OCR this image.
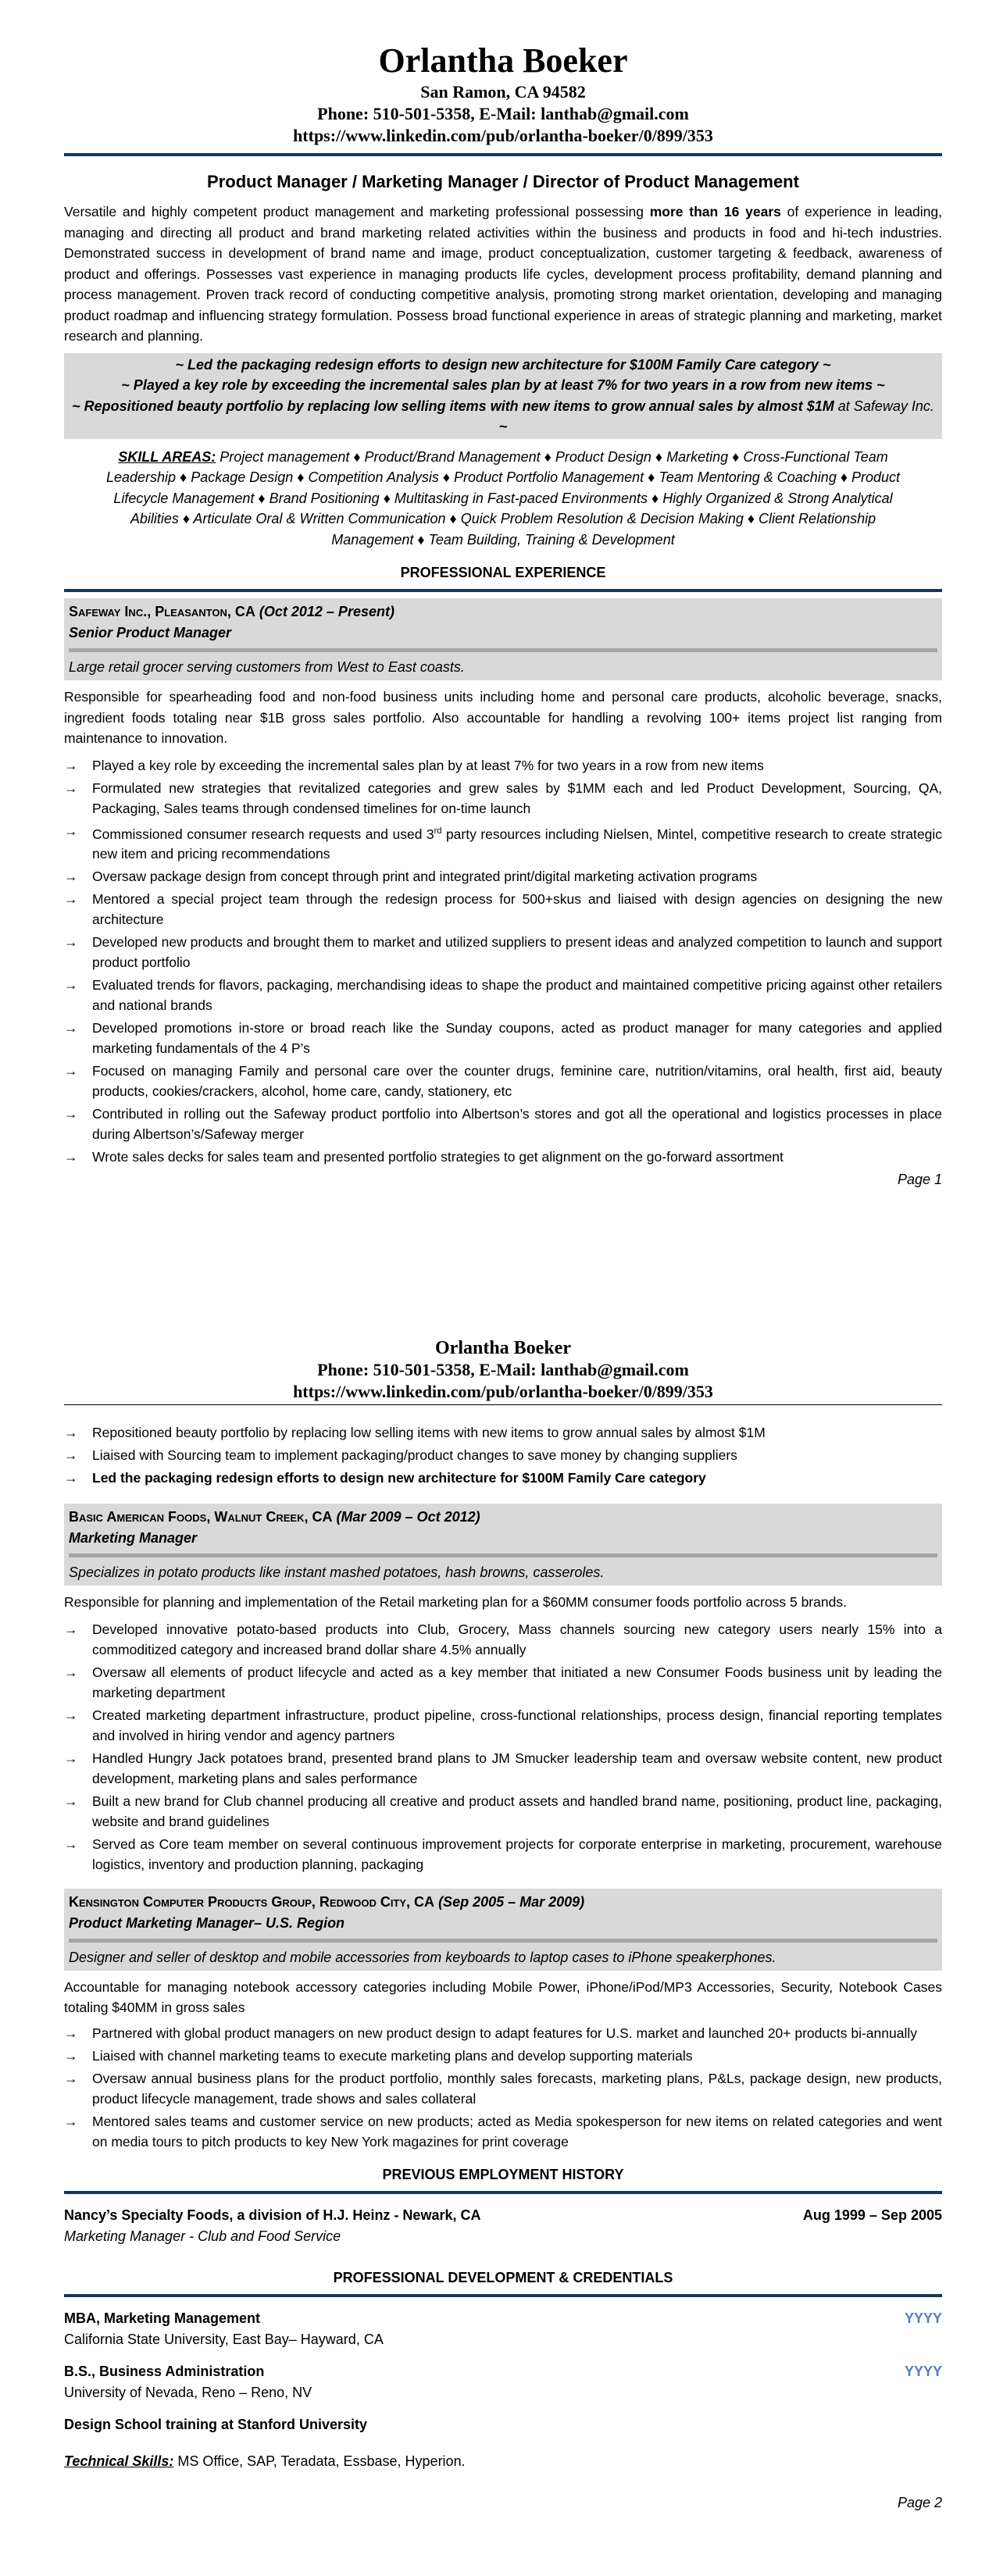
Orlantha Boeker
San Ramon, CA 94582
Phone: 510-501-5358, E-Mail: lanthab@gmail.com
https://www.linkedin.com/pub/orlantha-boeker/0/899/353
Product Manager / Marketing Manager / Director of Product Management
Versatile and highly competent product management and marketing professional possessing more than 16 years of experience in leading, managing and directing all product and brand marketing related activities within the business and products in food and hi-tech industries. Demonstrated success in development of brand name and image, product conceptualization, customer targeting & feedback, awareness of product and offerings. Possesses vast experience in managing products life cycles, development process profitability, demand planning and process management. Proven track record of conducting competitive analysis, promoting strong market orientation, developing and managing product roadmap and influencing strategy formulation. Possess broad functional experience in areas of strategic planning and marketing, market research and planning.
~ Led the packaging redesign efforts to design new architecture for $100M Family Care category ~
~ Played a key role by exceeding the incremental sales plan by at least 7% for two years in a row from new items ~
~ Repositioned beauty portfolio by replacing low selling items with new items to grow annual sales by almost $1M at Safeway Inc. ~
SKILL AREAS: Project management ♦ Product/Brand Management ♦ Product Design ♦ Marketing ♦ Cross-Functional Team Leadership ♦ Package Design ♦ Competition Analysis ♦ Product Portfolio Management ♦ Team Mentoring & Coaching ♦ Product Lifecycle Management ♦ Brand Positioning ♦ Multitasking in Fast-paced Environments ♦ Highly Organized & Strong Analytical Abilities ♦ Articulate Oral & Written Communication ♦ Quick Problem Resolution & Decision Making ♦ Client Relationship Management ♦ Team Building, Training & Development
PROFESSIONAL EXPERIENCE
Safeway Inc., Pleasanton, CA (Oct 2012 – Present)
Senior Product Manager
Large retail grocer serving customers from West to East coasts.
Responsible for spearheading food and non-food business units including home and personal care products, alcoholic beverage, snacks, ingredient foods totaling near $1B gross sales portfolio. Also accountable for handling a revolving 100+ items project list ranging from maintenance to innovation.
→ Played a key role by exceeding the incremental sales plan by at least 7% for two years in a row from new items
→ Formulated new strategies that revitalized categories and grew sales by $1MM each and led Product Development, Sourcing, QA, Packaging, Sales teams through condensed timelines for on-time launch
→ Commissioned consumer research requests and used 3rd party resources including Nielsen, Mintel, competitive research to create strategic new item and pricing recommendations
→ Oversaw package design from concept through print and integrated print/digital marketing activation programs
→ Mentored a special project team through the redesign process for 500+skus and liaised with design agencies on designing the new architecture
→ Developed new products and brought them to market and utilized suppliers to present ideas and analyzed competition to launch and support product portfolio
→ Evaluated trends for flavors, packaging, merchandising ideas to shape the product and maintained competitive pricing against other retailers and national brands
→ Developed promotions in-store or broad reach like the Sunday coupons, acted as product manager for many categories and applied marketing fundamentals of the 4 P’s
→ Focused on managing Family and personal care over the counter drugs, feminine care, nutrition/vitamins, oral health, first aid, beauty products, cookies/crackers, alcohol, home care, candy, stationery, etc
→ Contributed in rolling out the Safeway product portfolio into Albertson’s stores and got all the operational and logistics processes in place during Albertson’s/Safeway merger
→ Wrote sales decks for sales team and presented portfolio strategies to get alignment on the go-forward assortment
Page 1
Orlantha Boeker
Phone: 510-501-5358, E-Mail: lanthab@gmail.com
https://www.linkedin.com/pub/orlantha-boeker/0/899/353
→ Repositioned beauty portfolio by replacing low selling items with new items to grow annual sales by almost $1M
→ Liaised with Sourcing team to implement packaging/product changes to save money by changing suppliers
→ Led the packaging redesign efforts to design new architecture for $100M Family Care category
Basic American Foods, Walnut Creek, CA (Mar 2009 – Oct 2012)
Marketing Manager
Specializes in potato products like instant mashed potatoes, hash browns, casseroles.
Responsible for planning and implementation of the Retail marketing plan for a $60MM consumer foods portfolio across 5 brands.
→ Developed innovative potato-based products into Club, Grocery, Mass channels sourcing new category users nearly 15% into a commoditized category and increased brand dollar share 4.5% annually
→ Oversaw all elements of product lifecycle and acted as a key member that initiated a new Consumer Foods business unit by leading the marketing department
→ Created marketing department infrastructure, product pipeline, cross-functional relationships, process design, financial reporting templates and involved in hiring vendor and agency partners
→ Handled Hungry Jack potatoes brand, presented brand plans to JM Smucker leadership team and oversaw website content, new product development, marketing plans and sales performance
→ Built a new brand for Club channel producing all creative and product assets and handled brand name, positioning, product line, packaging, website and brand guidelines
→ Served as Core team member on several continuous improvement projects for corporate enterprise in marketing, procurement, warehouse logistics, inventory and production planning, packaging
Kensington Computer Products Group, Redwood City, CA (Sep 2005 – Mar 2009)
Product Marketing Manager– U.S. Region
Designer and seller of desktop and mobile accessories from keyboards to laptop cases to iPhone speakerphones.
Accountable for managing notebook accessory categories including Mobile Power, iPhone/iPod/MP3 Accessories, Security, Notebook Cases totaling $40MM in gross sales
→ Partnered with global product managers on new product design to adapt features for U.S. market and launched 20+ products bi-annually
→ Liaised with channel marketing teams to execute marketing plans and develop supporting materials
→ Oversaw annual business plans for the product portfolio, monthly sales forecasts, marketing plans, P&Ls, package design, new products, product lifecycle management, trade shows and sales collateral
→ Mentored sales teams and customer service on new products; acted as Media spokesperson for new items on related categories and went on media tours to pitch products to key New York magazines for print coverage
PREVIOUS EMPLOYMENT HISTORY
Nancy’s Specialty Foods, a division of H.J. Heinz - Newark, CA	Aug 1999 – Sep 2005
Marketing Manager - Club and Food Service
PROFESSIONAL DEVELOPMENT & CREDENTIALS
MBA, Marketing Management	YYYY
California State University, East Bay– Hayward, CA
B.S., Business Administration	YYYY
University of Nevada, Reno – Reno, NV
Design School training at Stanford University
Technical Skills: MS Office, SAP, Teradata, Essbase, Hyperion.
Page 2
